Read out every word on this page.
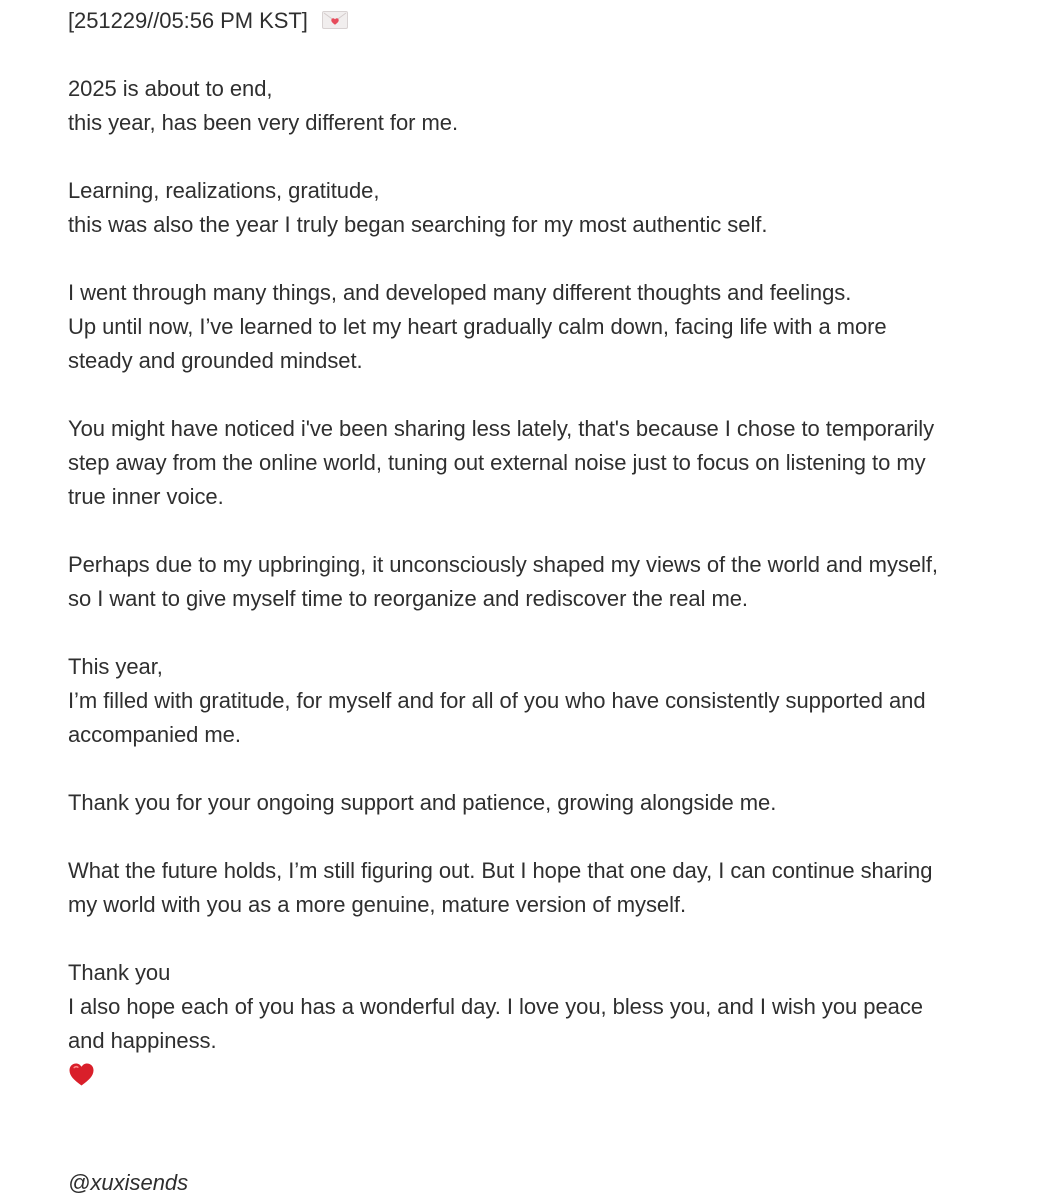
[251229//05:56 PM KST]
2025 is about to end,
this year, has been very different for me.
Learning, realizations, gratitude,
this was also the year I truly began searching for my most authentic self.
I went through many things, and developed many different thoughts and feelings.
Up until now, I’ve learned to let my heart gradually calm down, facing life with a more
steady and grounded mindset.
You might have noticed i've been sharing less lately, that's because I chose to temporarily
step away from the online world, tuning out external noise just to focus on listening to my
true inner voice.
Perhaps due to my upbringing, it unconsciously shaped my views of the world and myself,
so I want to give myself time to reorganize and rediscover the real me.
This year,
I’m filled with gratitude, for myself and for all of you who have consistently supported and
accompanied me.
Thank you for your ongoing support and patience, growing alongside me.
What the future holds, I’m still figuring out. But I hope that one day, I can continue sharing
my world with you as a more genuine, mature version of myself.
Thank you
I also hope each of you has a wonderful day. I love you, bless you, and I wish you peace
and happiness.
@xuxisends
